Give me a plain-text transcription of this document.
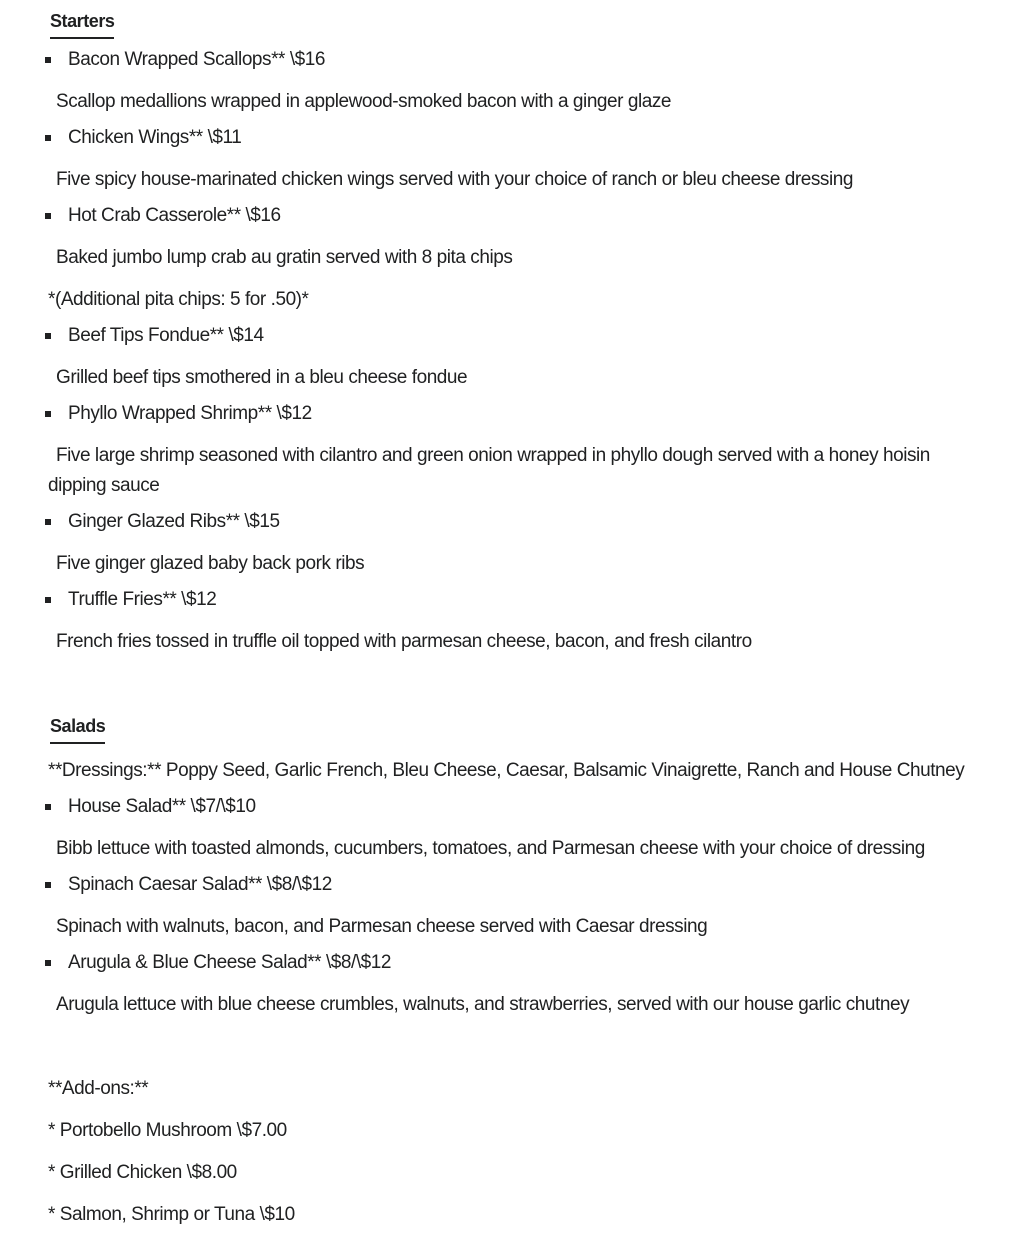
Starters
Bacon Wrapped Scallops** \$16
Scallop medallions wrapped in applewood-smoked bacon with a ginger glaze
Chicken Wings** \$11
Five spicy house-marinated chicken wings served with your choice of ranch or bleu cheese dressing
Hot Crab Casserole** \$16
Baked jumbo lump crab au gratin served with 8 pita chips
*(Additional pita chips: 5 for .50)*
Beef Tips Fondue** \$14
Grilled beef tips smothered in a bleu cheese fondue
Phyllo Wrapped Shrimp** \$12
Five large shrimp seasoned with cilantro and green onion wrapped in phyllo dough served with a honey hoisin dipping sauce
Ginger Glazed Ribs** \$15
Five ginger glazed baby back pork ribs
Truffle Fries** \$12
French fries tossed in truffle oil topped with parmesan cheese, bacon, and fresh cilantro
Salads
**Dressings:** Poppy Seed, Garlic French, Bleu Cheese, Caesar, Balsamic Vinaigrette, Ranch and House Chutney
House Salad** \$7/\$10
Bibb lettuce with toasted almonds, cucumbers, tomatoes, and Parmesan cheese with your choice of dressing
Spinach Caesar Salad** \$8/\$12
Spinach with walnuts, bacon, and Parmesan cheese served with Caesar dressing
Arugula & Blue Cheese Salad** \$8/\$12
Arugula lettuce with blue cheese crumbles, walnuts, and strawberries, served with our house garlic chutney
**Add-ons:**
* Portobello Mushroom \$7.00
* Grilled Chicken \$8.00
* Salmon, Shrimp or Tuna \$10
